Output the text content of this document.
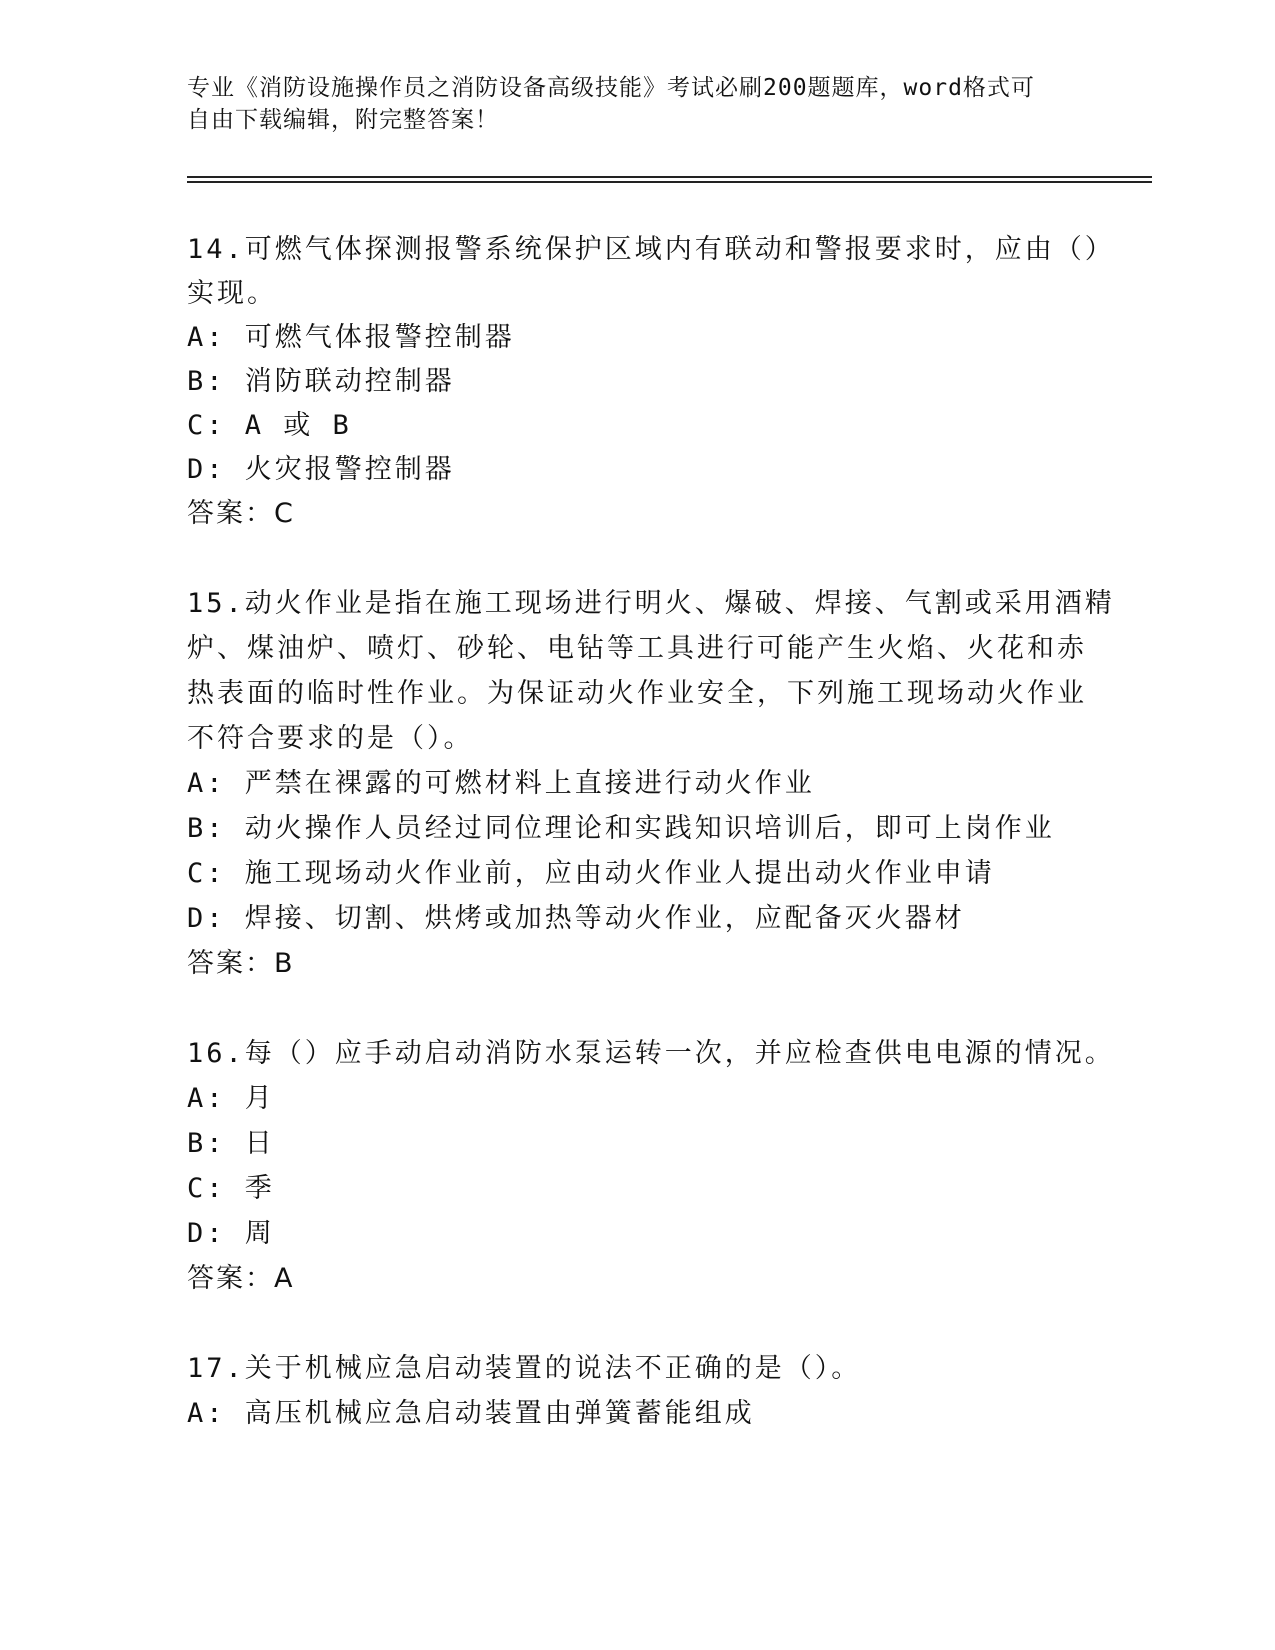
专业《消防设施操作员之消防设备高级技能》考试必刷200题题库，word格式可
自由下载编辑，附完整答案！
14.可燃气体探测报警系统保护区域内有联动和警报要求时，应由（）
实现。
A: 可燃气体报警控制器
B: 消防联动控制器
C: A 或 B
D: 火灾报警控制器
答案：C
15.动火作业是指在施工现场进行明火、爆破、焊接、气割或采用酒精
炉、煤油炉、喷灯、砂轮、电钻等工具进行可能产生火焰、火花和赤
热表面的临时性作业。为保证动火作业安全，下列施工现场动火作业
不符合要求的是（）。
A: 严禁在裸露的可燃材料上直接进行动火作业
B: 动火操作人员经过同位理论和实践知识培训后，即可上岗作业
C: 施工现场动火作业前，应由动火作业人提出动火作业申请
D: 焊接、切割、烘烤或加热等动火作业，应配备灭火器材
答案：B
16.每（）应手动启动消防水泵运转一次，并应检查供电电源的情况。
A: 月
B: 日
C: 季
D: 周
答案：A
17.关于机械应急启动装置的说法不正确的是（）。
A: 高压机械应急启动装置由弹簧蓄能组成
